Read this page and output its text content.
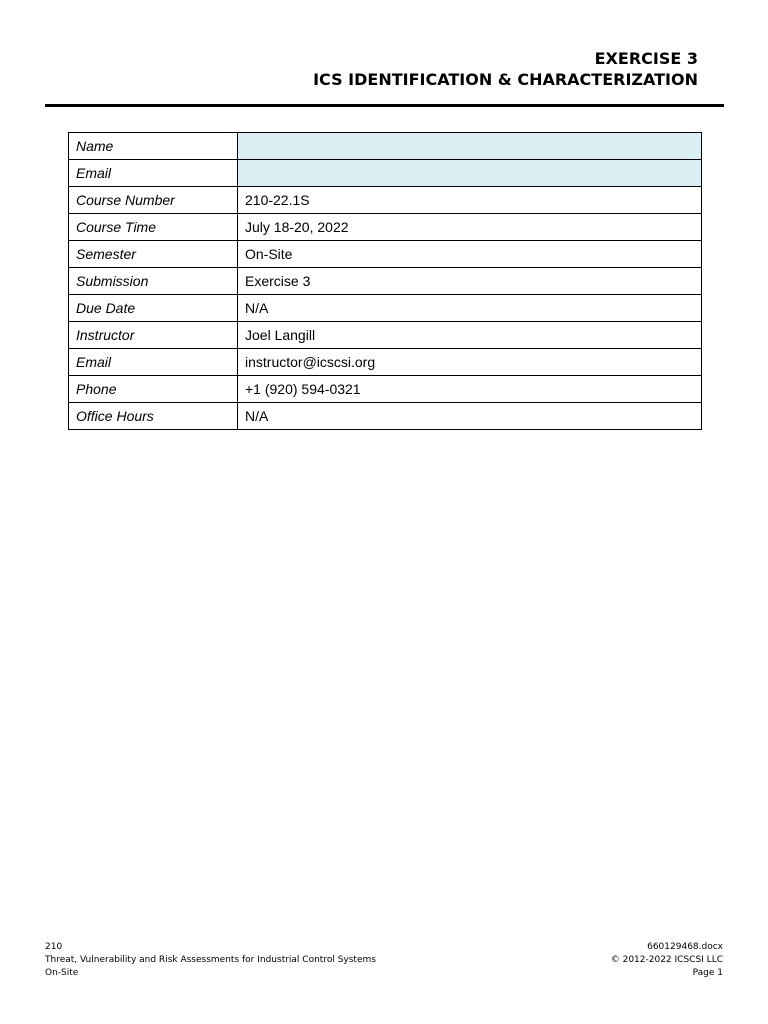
EXERCISE 3
ICS IDENTIFICATION & CHARACTERIZATION
Name	
Email	
Course Number	210-22.1S
Course Time	July 18-20, 2022
Semester	On-Site
Submission	Exercise 3
Due Date	N/A
Instructor	Joel Langill
Email	instructor@icscsi.org
Phone	+1 (920) 594-0321
Office Hours	N/A
210
Threat, Vulnerability and Risk Assessments for Industrial Control Systems
On-Site
660129468.docx
© 2012-2022 ICSCSI LLC
Page 1
